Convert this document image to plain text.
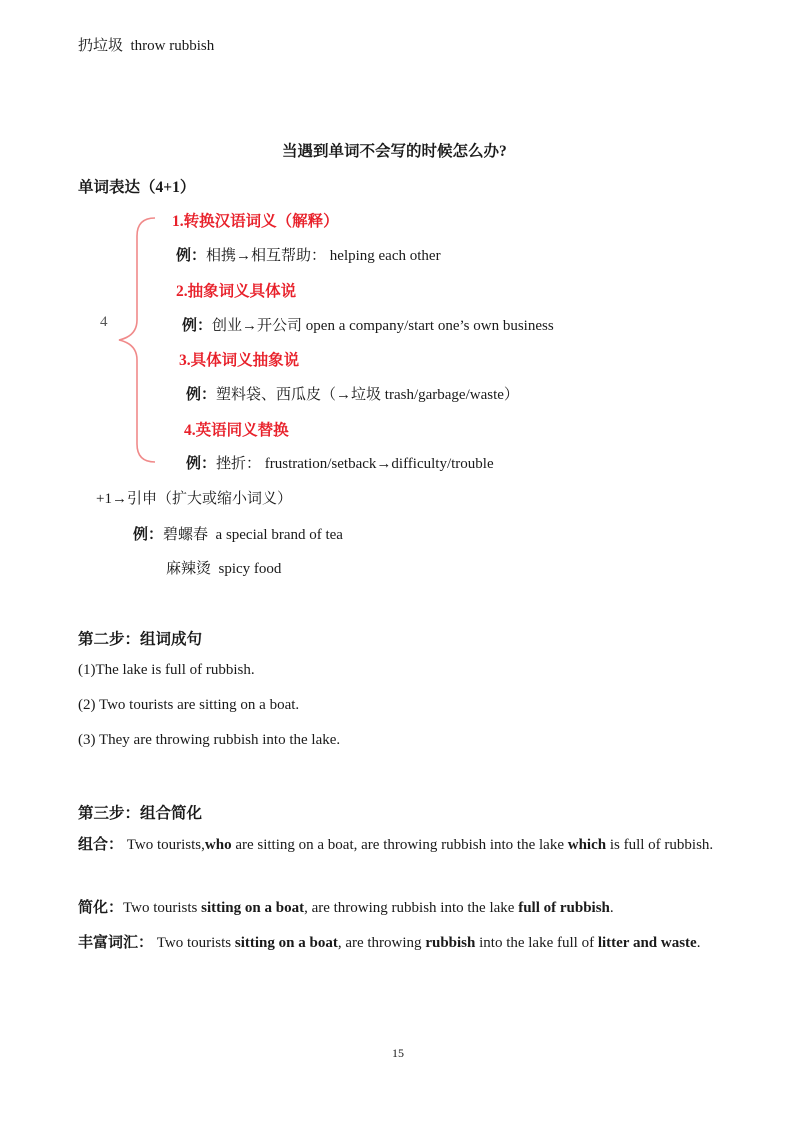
扔垃圾 throw rubbish
当遇到单词不会写的时候怎么办?
单词表达（4+1）
4
1.转换汉语词义（解释）
例：相携→相互帮助： helping each other
2.抽象词义具体说
例：创业→开公司 open a company/start one’s own business
3.具体词义抽象说
例：塑料袋、西瓜皮（→垃圾 trash/garbage/waste）
4.英语同义替换
例：挫折： frustration/setback→difficulty/trouble
+1→引申（扩大或缩小词义）
例：碧螺春 a special brand of tea
麻辣烫 spicy food
第二步：组词成句
(1)The lake is full of rubbish.
(2) Two tourists are sitting on a boat.
(3) They are throwing rubbish into the lake.
第三步：组合简化
组合： Two tourists,who are sitting on a boat, are throwing rubbish into the lake which is full of rubbish.
简化：Two tourists sitting on a boat, are throwing rubbish into the lake full of rubbish.
丰富词汇： Two tourists sitting on a boat, are throwing rubbish into the lake full of litter and waste.
15
